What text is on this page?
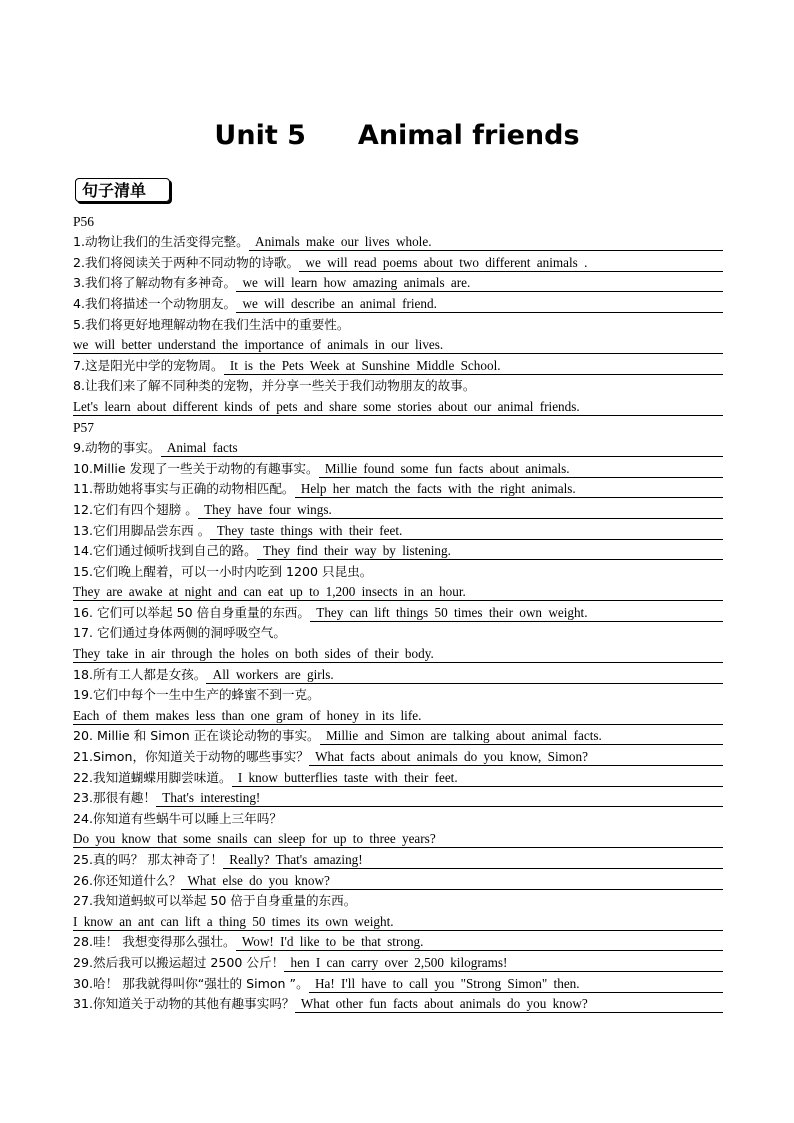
Unit 5 Animal friends
句子清单
P56
1.动物让我们的生活变得完整。 Animals make our lives whole.
2.我们将阅读关于两种不同动物的诗歌。 we will read poems about two different animals .
3.我们将了解动物有多神奇。 we will learn how amazing animals are.
4.我们将描述一个动物朋友。 we will describe an animal friend.
5.我们将更好地理解动物在我们生活中的重要性。
we will better understand the importance of animals in our lives.
7.这是阳光中学的宠物周。 It is the Pets Week at Sunshine Middle School.
8.让我们来了解不同种类的宠物，并分享一些关于我们动物朋友的故事。
Let's learn about different kinds of pets and share some stories about our animal friends.
P57
9.动物的事实。 Animal facts
10.Millie 发现了一些关于动物的有趣事实。 Millie found some fun facts about animals.
11.帮助她将事实与正确的动物相匹配。 Help her match the facts with the right animals.
12.它们有四个翅膀 。 They have four wings.
13.它们用脚品尝东西 。 They taste things with their feet.
14.它们通过倾听找到自己的路。 They find their way by listening.
15.它们晚上醒着，可以一小时内吃到 1200 只昆虫。
They are awake at night and can eat up to 1,200 insects in an hour.
16. 它们可以举起 50 倍自身重量的东西。 They can lift things 50 times their own weight.
17. 它们通过身体两侧的洞呼吸空气。
They take in air through the holes on both sides of their body.
18.所有工人都是女孩。 All workers are girls.
19.它们中每个一生中生产的蜂蜜不到一克。
Each of them makes less than one gram of honey in its life.
20. Millie 和 Simon 正在谈论动物的事实。 Millie and Simon are talking about animal facts.
21.Simon，你知道关于动物的哪些事实？ What facts about animals do you know, Simon?
22.我知道蝴蝶用脚尝味道。 I know butterflies taste with their feet.
23.那很有趣！ That's interesting!
24.你知道有些蜗牛可以睡上三年吗？
Do you know that some snails can sleep for up to three years?
25.真的吗？ 那太神奇了！ Really? That's amazing!
26.你还知道什么？ What else do you know?
27.我知道蚂蚁可以举起 50 倍于自身重量的东西。
I know an ant can lift a thing 50 times its own weight.
28.哇！ 我想变得那么强壮。 Wow! I'd like to be that strong.
29.然后我可以搬运超过 2500 公斤！ hen I can carry over 2,500 kilograms!
30.哈！ 那我就得叫你“强壮的 Simon ”。 Ha! I'll have to call you "Strong Simon" then.
31.你知道关于动物的其他有趣事实吗？ What other fun facts about animals do you know?
